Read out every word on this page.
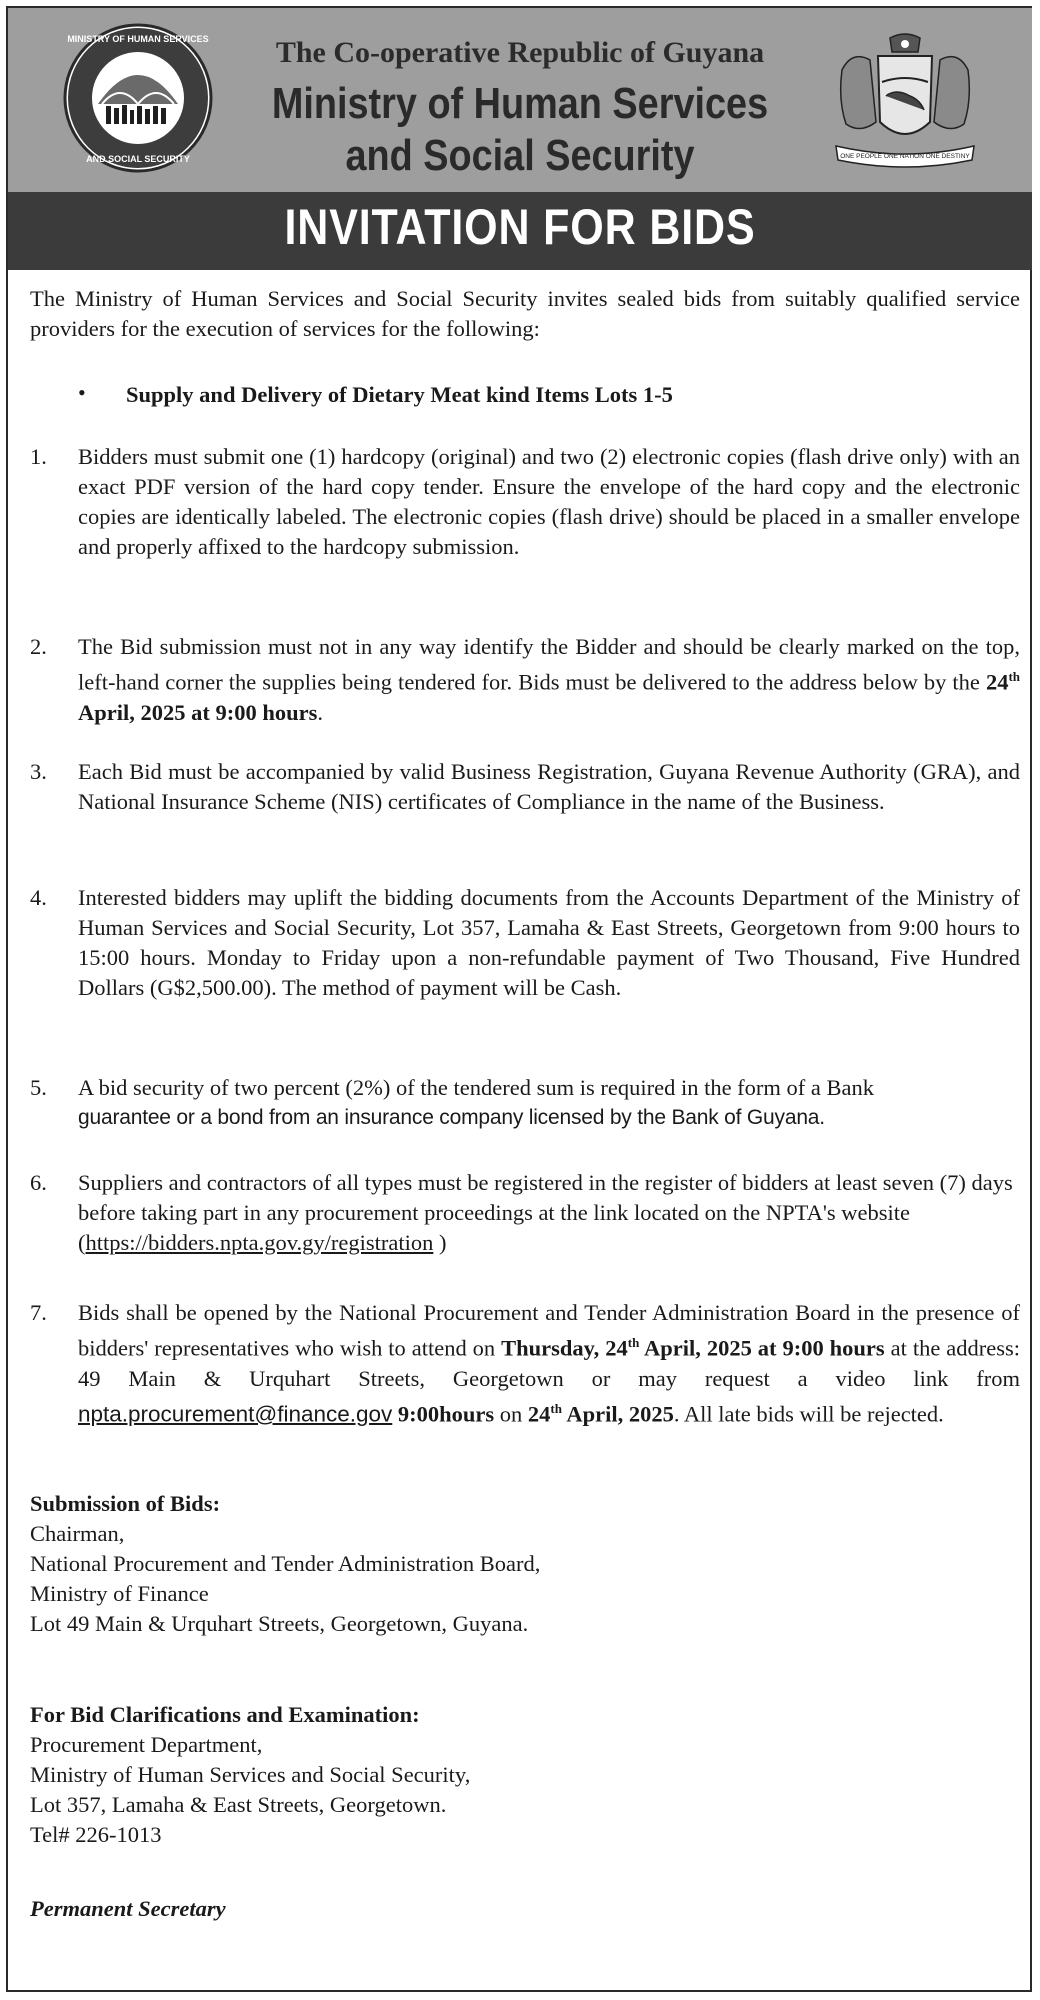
MINISTRY OF HUMAN SERVICES
AND SOCIAL SECURITY	ONE PEOPLE ONE NATION ONE DESTINY
The Co-operative Republic of Guyana
Ministry of Human Services
and Social Security
INVITATION FOR BIDS
The Ministry of Human Services and Social Security invites sealed bids from suitably qualified service providers for the execution of services for the following:
• Supply and Delivery of Dietary Meat kind Items Lots 1-5
1. Bidders must submit one (1) hardcopy (original) and two (2) electronic copies (flash drive only) with an exact PDF version of the hard copy tender. Ensure the envelope of the hard copy and the electronic copies are identically labeled. The electronic copies (flash drive) should be placed in a smaller envelope and properly affixed to the hardcopy submission.
2. The Bid submission must not in any way identify the Bidder and should be clearly marked on the top, left-hand corner the supplies being tendered for. Bids must be delivered to the address below by the 24th April, 2025 at 9:00 hours.
3. Each Bid must be accompanied by valid Business Registration, Guyana Revenue Authority (GRA), and National Insurance Scheme (NIS) certificates of Compliance in the name of the Business.
4. Interested bidders may uplift the bidding documents from the Accounts Department of the Ministry of Human Services and Social Security, Lot 357, Lamaha & East Streets, Georgetown from 9:00 hours to 15:00 hours. Monday to Friday upon a non-refundable payment of Two Thousand, Five Hundred Dollars (G$2,500.00). The method of payment will be Cash.
5. A bid security of two percent (2%) of the tendered sum is required in the form of a Bank
guarantee or a bond from an insurance company licensed by the Bank of Guyana.
6. Suppliers and contractors of all types must be registered in the register of bidders at least seven (7) days before taking part in any procurement proceedings at the link located on the NPTA's website (https://bidders.npta.gov.gy/registration )
7. Bids shall be opened by the National Procurement and Tender Administration Board in the presence of bidders' representatives who wish to attend on Thursday, 24th April, 2025 at 9:00 hours at the address: 49 Main & Urquhart Streets, Georgetown or may request a video link from npta.procurement@finance.gov 9:00hours on 24th April, 2025. All late bids will be rejected.
Submission of Bids:
Chairman,
National Procurement and Tender Administration Board,
Ministry of Finance
Lot 49 Main & Urquhart Streets, Georgetown, Guyana.
For Bid Clarifications and Examination:
Procurement Department,
Ministry of Human Services and Social Security,
Lot 357, Lamaha & East Streets, Georgetown.
Tel# 226-1013
Permanent Secretary
